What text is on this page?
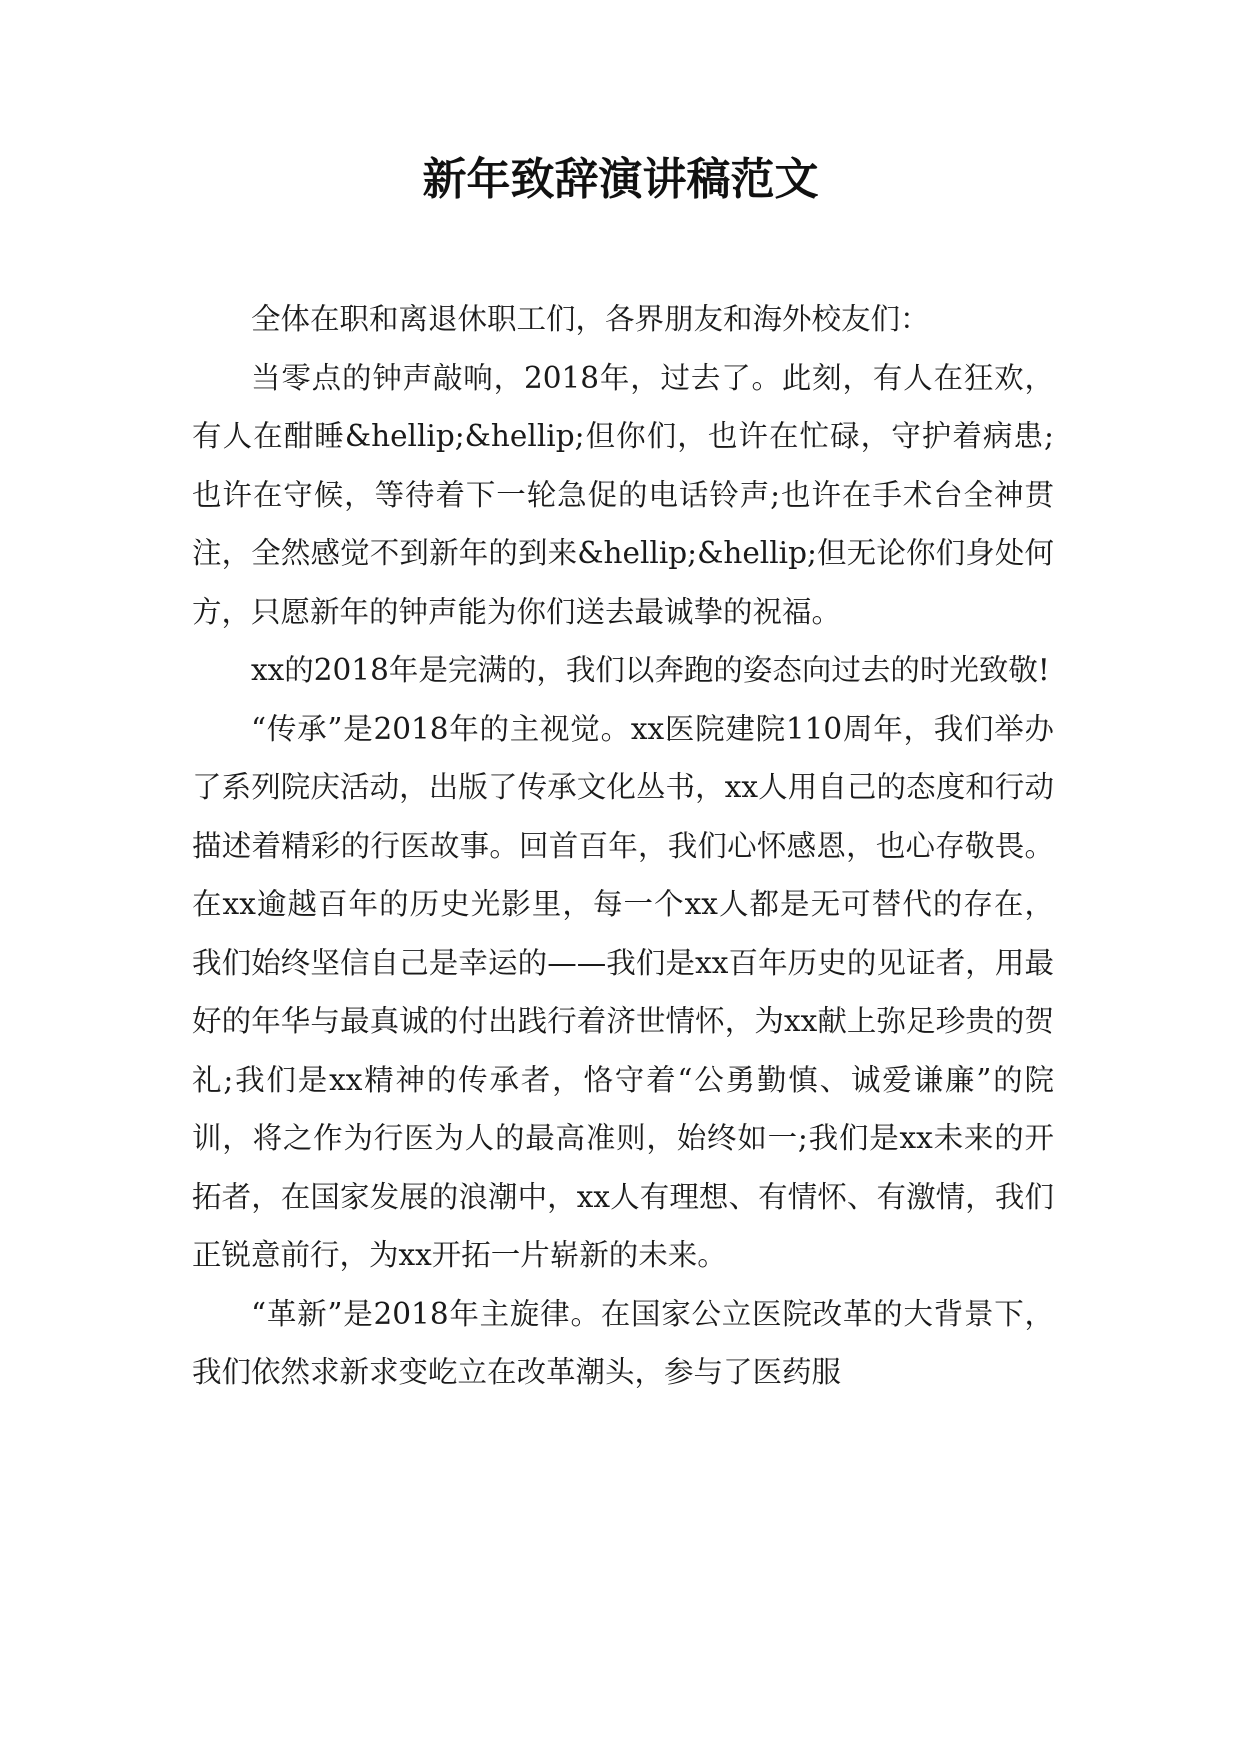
新年致辞演讲稿范文

全体在职和离退休职工们，各界朋友和海外校友们：

当零点的钟声敲响，2018年，过去了。此刻，有人在狂欢，有人在酣睡&hellip;&hellip;但你们，也许在忙碌，守护着病患;也许在守候，等待着下一轮急促的电话铃声;也许在手术台全神贯注，全然感觉不到新年的到来&hellip;&hellip;但无论你们身处何方，只愿新年的钟声能为你们送去最诚挚的祝福。

xx的2018年是完满的，我们以奔跑的姿态向过去的时光致敬!

“传承”是2018年的主视觉。xx医院建院110周年，我们举办了系列院庆活动，出版了传承文化丛书，xx人用自己的态度和行动描述着精彩的行医故事。回首百年，我们心怀感恩，也心存敬畏。在xx逾越百年的历史光影里，每一个xx人都是无可替代的存在，我们始终坚信自己是幸运的——我们是xx百年历史的见证者，用最好的年华与最真诚的付出践行着济世情怀，为xx献上弥足珍贵的贺礼;我们是xx精神的传承者，恪守着“公勇勤慎、诚爱谦廉”的院训，将之作为行医为人的最高准则，始终如一;我们是xx未来的开拓者，在国家发展的浪潮中，xx人有理想、有情怀、有激情，我们正锐意前行，为xx开拓一片崭新的未来。

“革新”是2018年主旋律。在国家公立医院改革的大背景下，我们依然求新求变屹立在改革潮头，参与了医药服
